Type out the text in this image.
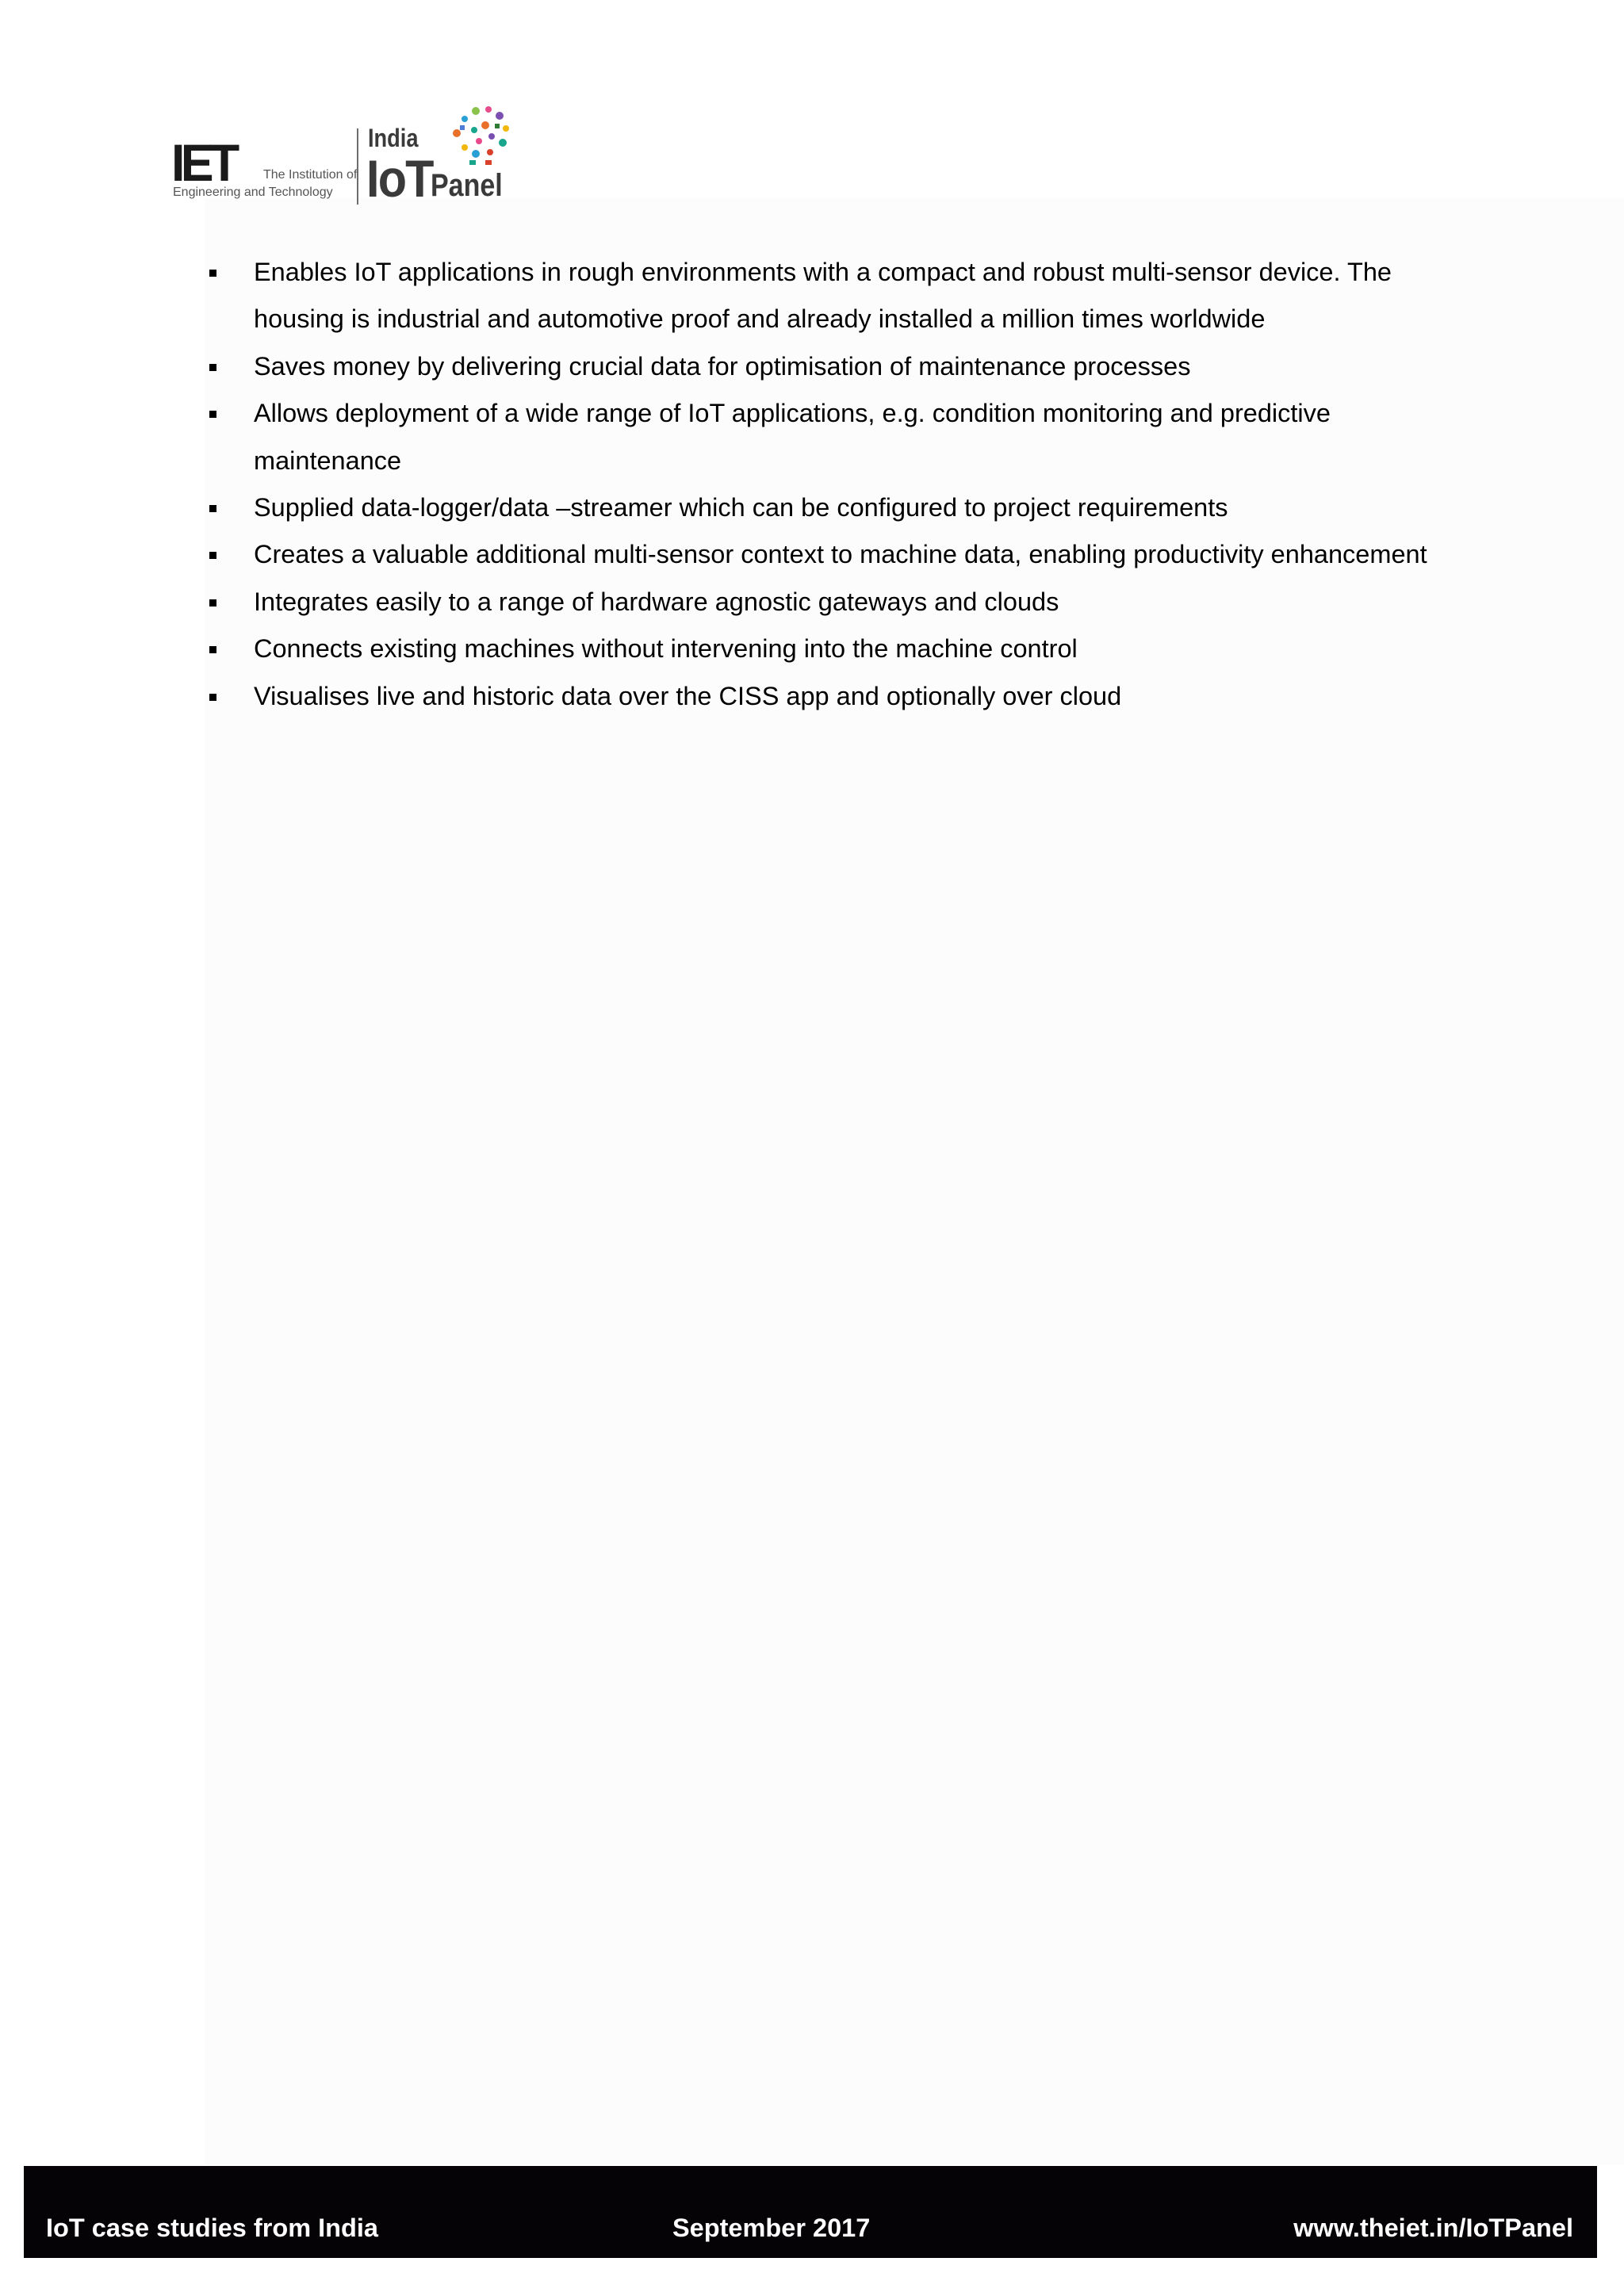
IET The Institution of
Engineering and Technology
India
IoT
Panel
Enables IoT applications in rough environments with a compact and robust multi-sensor device. The housing is industrial and automotive proof and already installed a million times worldwide
Saves money by delivering crucial data for optimisation of maintenance processes
Allows deployment of a wide range of IoT applications, e.g. condition monitoring and predictive maintenance
Supplied data-logger/data –streamer which can be configured to project requirements
Creates a valuable additional multi-sensor context to machine data, enabling productivity enhancement
Integrates easily to a range of hardware agnostic gateways and clouds
Connects existing machines without intervening into the machine control
Visualises live and historic data over the CISS app and optionally over cloud
IoT case studies from India	September 2017	www.theiet.in/IoTPanel
